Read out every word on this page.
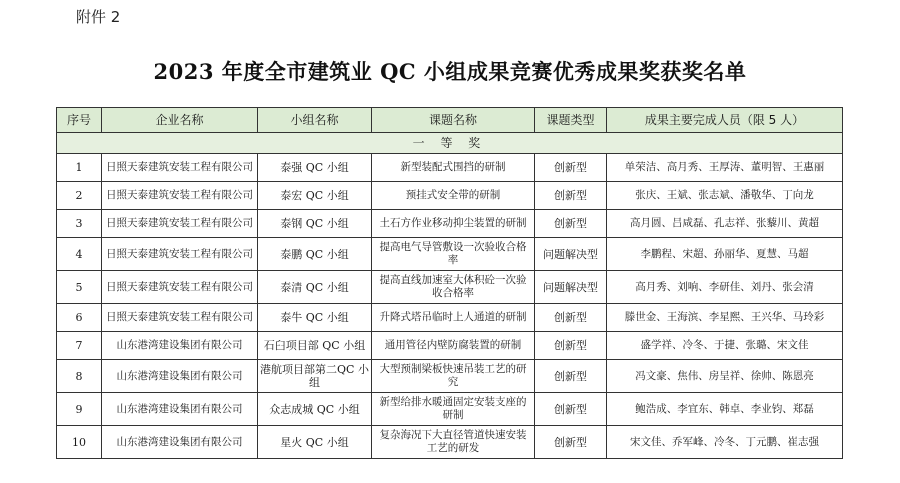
附件 2
2023 年度全市建筑业 QC 小组成果竞赛优秀成果奖获奖名单
序号	企业名称	小组名称	课题名称	课题类型	成果主要完成人员（限 5 人）
一 等 奖					
1	日照天泰建筑安装工程有限公司	泰强 QC 小组	新型装配式围挡的研制	创新型	单荣洁、高月秀、王厚涛、董明智、王惠丽
2	日照天泰建筑安装工程有限公司	泰宏 QC 小组	预挂式安全带的研制	创新型	张庆、王斌、张志斌、潘敬华、丁向龙
3	日照天泰建筑安装工程有限公司	泰钢 QC 小组	土石方作业移动抑尘装置的研制	创新型	高月圆、吕咸磊、孔志祥、张藜川、黄超
4	日照天泰建筑安装工程有限公司	泰鹏 QC 小组	提高电气导管敷设一次验收合格率	问题解决型	李鹏程、宋超、孙丽华、夏慧、马超
5	日照天泰建筑安装工程有限公司	泰清 QC 小组	提高直线加速室大体积砼一次验收合格率	问题解决型	高月秀、刘响、李研佳、刘丹、张会清
6	日照天泰建筑安装工程有限公司	泰牛 QC 小组	升降式塔吊临时上人通道的研制	创新型	滕世金、王海滨、李星熙、王兴华、马玲彩
7	山东港湾建设集团有限公司	石臼项目部 QC 小组	通用管径内壁防腐装置的研制	创新型	盛学祥、冷冬、于捷、张璐、宋文佳
8	山东港湾建设集团有限公司	港航项目部第二QC 小组	大型预制梁板快速吊装工艺的研究	创新型	冯文豪、焦伟、房呈祥、徐帅、陈恩亮
9	山东港湾建设集团有限公司	众志成城 QC 小组	新型给排水暖通固定安装支座的研制	创新型	鲍浩成、李宜东、韩卓、李业钧、郑磊
10	山东港湾建设集团有限公司	星火 QC 小组	复杂海况下大直径管道快速安装工艺的研发	创新型	宋文佳、乔军峰、冷冬、丁元鹏、崔志强
